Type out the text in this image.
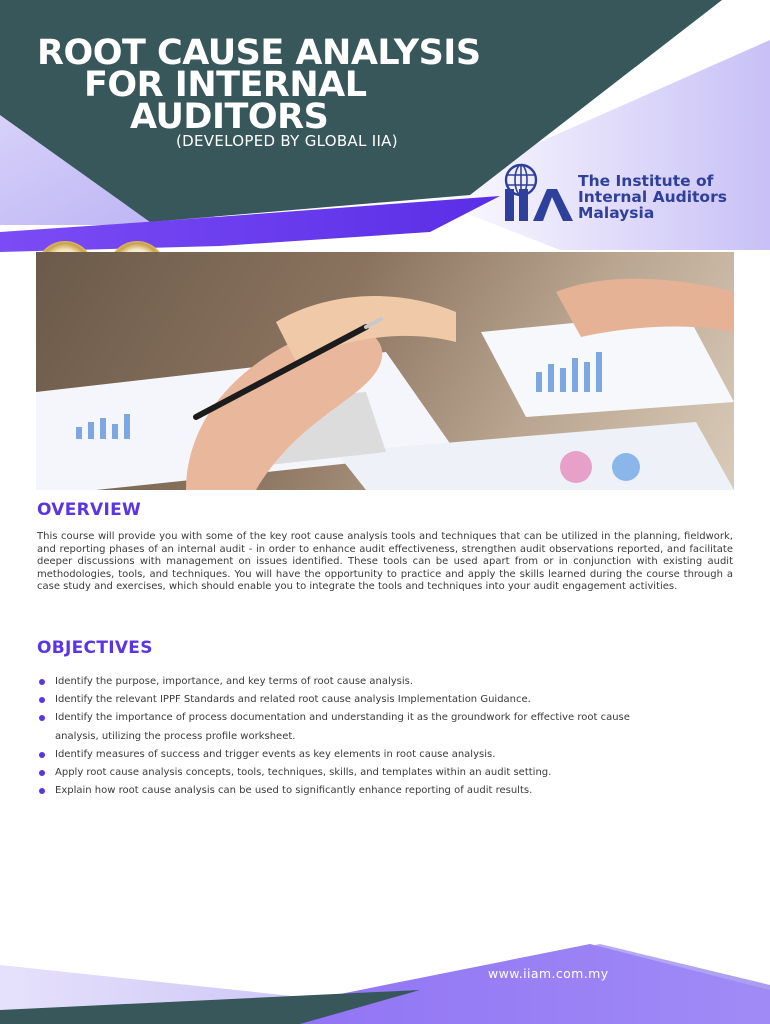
ROOT CAUSE ANALYSIS
FOR INTERNAL
AUDITORS
(DEVELOPED BY GLOBAL IIA)
The Institute of
Internal Auditors
Malaysia
OVERVIEW
This course will provide you with some of the key root cause analysis tools and techniques that can be utilized in the planning, fieldwork, and reporting phases of an internal audit - in order to enhance audit effectiveness, strengthen audit observations reported, and facilitate deeper discussions with management on issues identified. These tools can be used apart from or in conjunction with existing audit methodologies, tools, and techniques. You will have the opportunity to practice and apply the skills learned during the course through a case study and exercises, which should enable you to integrate the tools and techniques into your audit engagement activities.
OBJECTIVES
Identify the purpose, importance, and key terms of root cause analysis.
Identify the relevant IPPF Standards and related root cause analysis Implementation Guidance.
Identify the importance of process documentation and understanding it as the groundwork for effective root cause analysis, utilizing the process profile worksheet.
Identify measures of success and trigger events as key elements in root cause analysis.
Apply root cause analysis concepts, tools, techniques, skills, and templates within an audit setting.
Explain how root cause analysis can be used to significantly enhance reporting of audit results.
www.iiam.com.my
